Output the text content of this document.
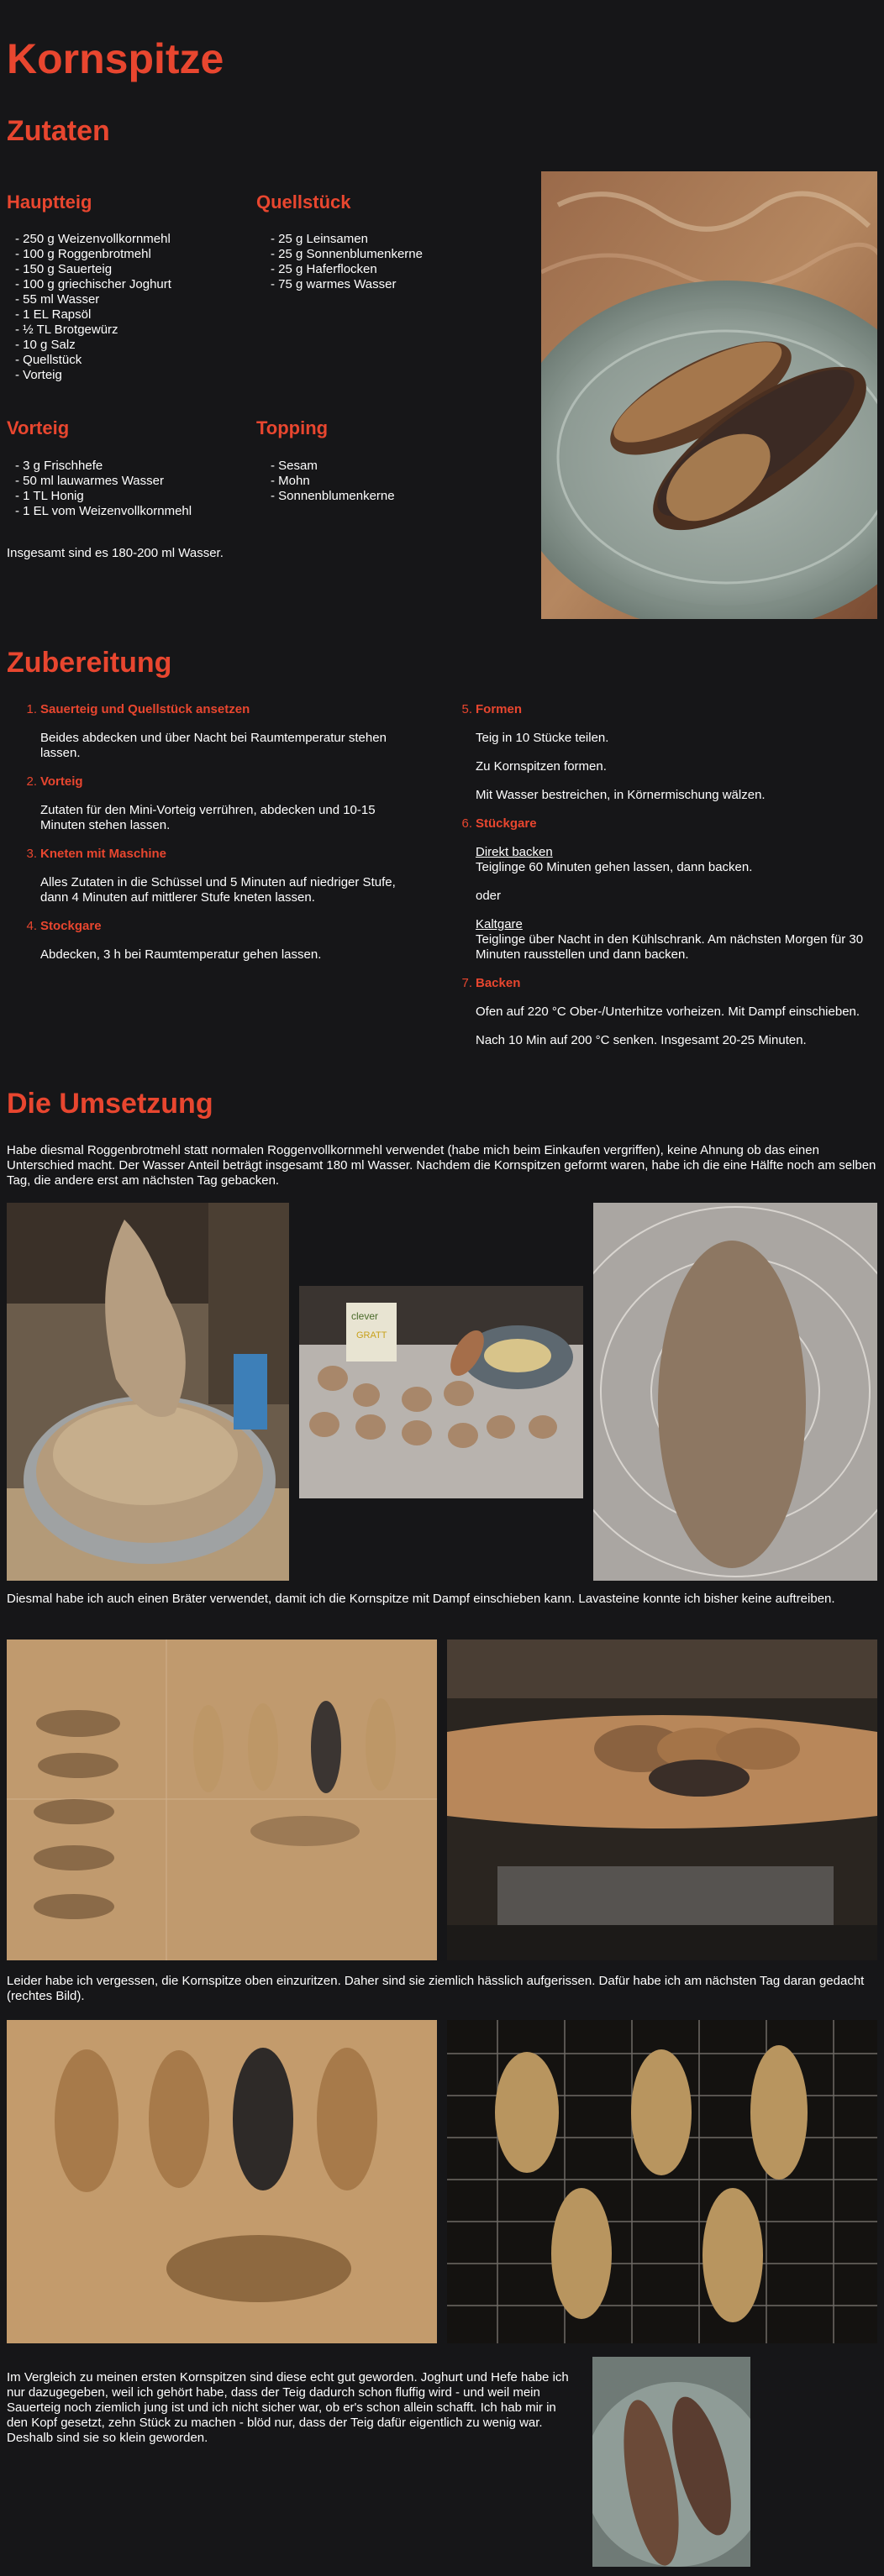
Kornspitze
Zutaten
Hauptteig
- 250 g Weizenvollkornmehl
- 100 g Roggenbrotmehl
- 150 g Sauerteig
- 100 g griechischer Joghurt
- 55 ml Wasser
- 1 EL Rapsöl
- ½ TL Brotgewürz
- 10 g Salz
- Quellstück
- Vorteig
Quellstück
- 25 g Leinsamen
- 25 g Sonnenblumenkerne
- 25 g Haferflocken
- 75 g warmes Wasser
Vorteig
- 3 g Frischhefe
- 50 ml lauwarmes Wasser
- 1 TL Honig
- 1 EL vom Weizenvollkornmehl
Topping
- Sesam
- Mohn
- Sonnenblumenkerne

Insgesamt sind es 180-200 ml Wasser.

Zubereitung
1. Sauerteig und Quellstück ansetzen

Beides abdecken und über Nacht bei Raumtemperatur stehen lassen.

2. Vorteig

Zutaten für den Mini-Vorteig verrühren, abdecken und 10-15 Minuten stehen lassen.

3. Kneten mit Maschine

Alles Zutaten in die Schüssel und 5 Minuten auf niedriger Stufe, dann 4 Minuten auf mittlerer Stufe kneten lassen.

4. Stockgare

Abdecken, 3 h bei Raumtemperatur gehen lassen.

5. Formen

Teig in 10 Stücke teilen.

Zu Kornspitzen formen.

Mit Wasser bestreichen, in Körnermischung wälzen.

6. Stückgare

Direkt backen
Teiglinge 60 Minuten gehen lassen, dann backen.

oder

Kaltgare
Teiglinge über Nacht in den Kühlschrank. Am nächsten Morgen für 30 Minuten rausstellen und dann backen.

7. Backen

Ofen auf 220 °C Ober-/Unterhitze vorheizen. Mit Dampf einschieben.

Nach 10 Min auf 200 °C senken. Insgesamt 20-25 Minuten.

Die Umsetzung

Habe diesmal Roggenbrotmehl statt normalen Roggenvollkornmehl verwendet (habe mich beim Einkaufen vergriffen), keine Ahnung ob das einen Unterschied macht. Der Wasser Anteil beträgt insgesamt 180 ml Wasser. Nachdem die Kornspitzen geformt waren, habe ich die eine Hälfte noch am selben Tag, die andere erst am nächsten Tag gebacken.

clever
GRATT

Diesmal habe ich auch einen Bräter verwendet, damit ich die Kornspitze mit Dampf einschieben kann. Lavasteine konnte ich bisher keine auftreiben.

Leider habe ich vergessen, die Kornspitze oben einzuritzen. Daher sind sie ziemlich hässlich aufgerissen. Dafür habe ich am nächsten Tag daran gedacht (rechtes Bild).

Im Vergleich zu meinen ersten Kornspitzen sind diese echt gut geworden. Joghurt und Hefe habe ich nur dazugegeben, weil ich gehört habe, dass der Teig dadurch schon fluffig wird - und weil mein Sauerteig noch ziemlich jung ist und ich nicht sicher war, ob er's schon allein schafft. Ich hab mir in den Kopf gesetzt, zehn Stück zu machen - blöd nur, dass der Teig dafür eigentlich zu wenig war. Deshalb sind sie so klein geworden.
